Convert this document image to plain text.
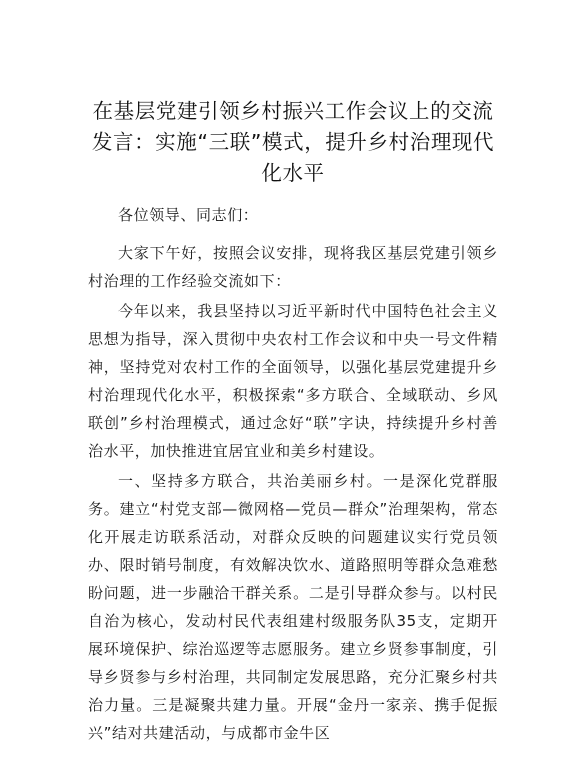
在基层党建引领乡村振兴工作会议上的交流发言：实施“三联”模式，提升乡村治理现代化水平

各位领导、同志们：

大家下午好，按照会议安排，现将我区基层党建引领乡村治理的工作经验交流如下：

今年以来，我县坚持以习近平新时代中国特色社会主义思想为指导，深入贯彻中央农村工作会议和中央一号文件精神，坚持党对农村工作的全面领导，以强化基层党建提升乡村治理现代化水平，积极探索“多方联合、全域联动、乡风联创”乡村治理模式，通过念好“联”字诀，持续提升乡村善治水平，加快推进宜居宜业和美乡村建设。

一、坚持多方联合，共治美丽乡村。一是深化党群服务。建立“村党支部—微网格—党员—群众”治理架构，常态化开展走访联系活动，对群众反映的问题建议实行党员领办、限时销号制度，有效解决饮水、道路照明等群众急难愁盼问题，进一步融洽干群关系。二是引导群众参与。以村民自治为核心，发动村民代表组建村级服务队35支，定期开展环境保护、综治巡逻等志愿服务。建立乡贤参事制度，引导乡贤参与乡村治理，共同制定发展思路，充分汇聚乡村共治力量。三是凝聚共建力量。开展“金丹一家亲、携手促振兴”结对共建活动，与成都市金牛区
